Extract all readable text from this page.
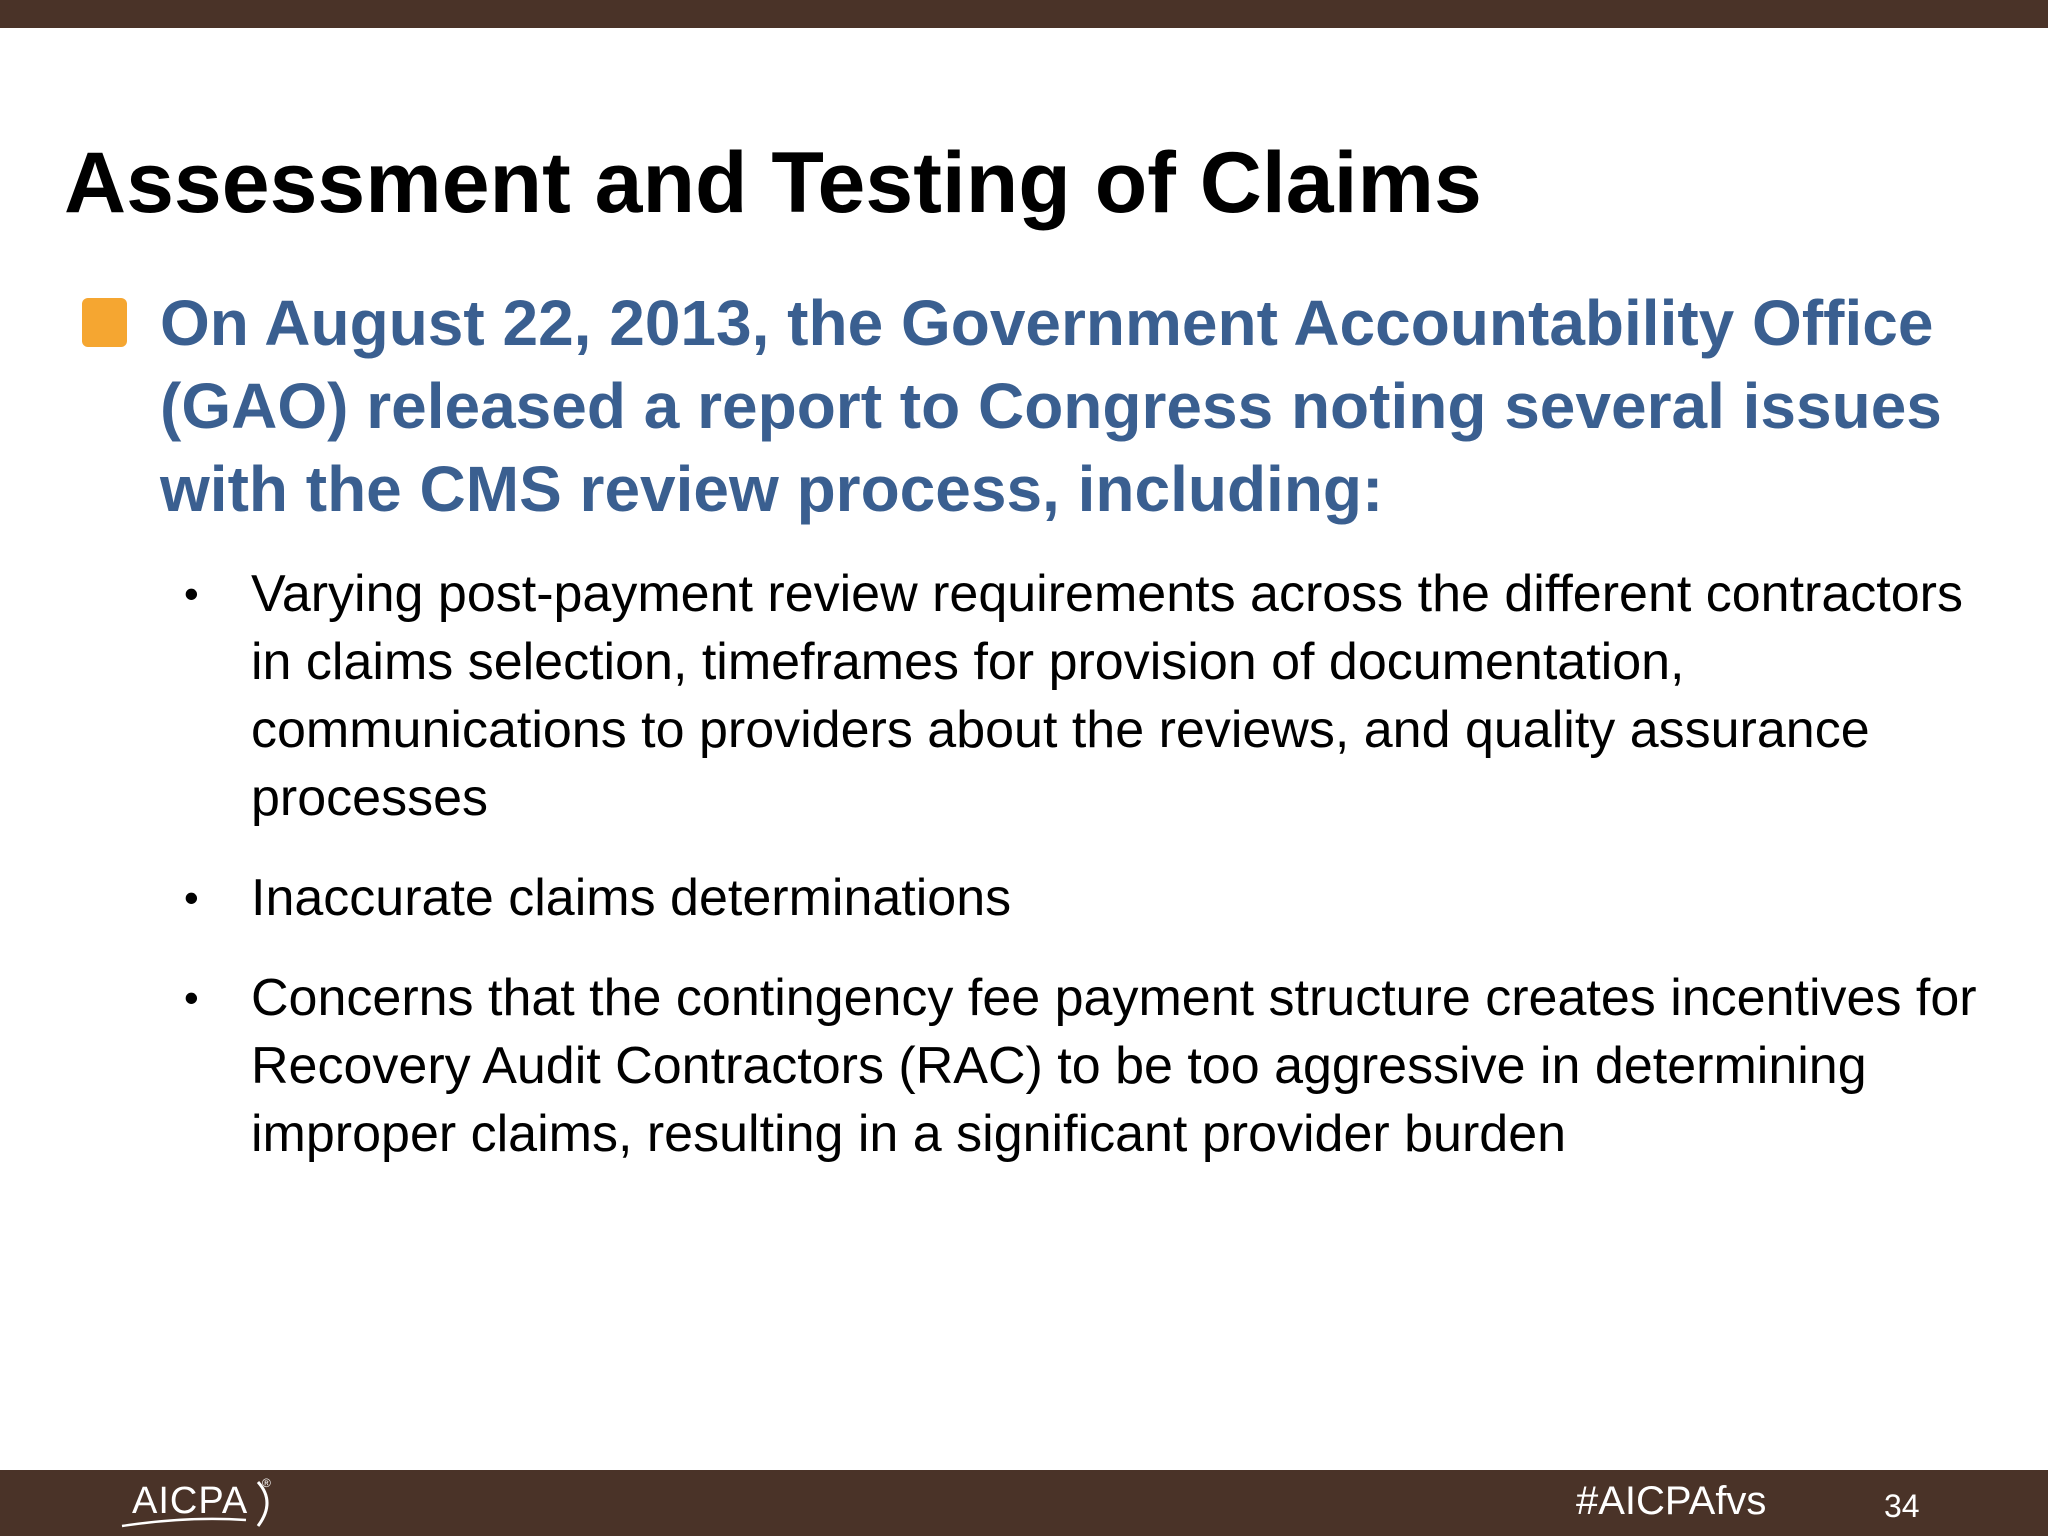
Assessment and Testing of Claims

On August 22, 2013, the Government Accountability Office (GAO) released a report to Congress noting several issues with the CMS review process, including:

• Varying post-payment review requirements across the different contractors in claims selection, timeframes for provision of documentation, communications to providers about the reviews, and quality assurance processes
• Inaccurate claims determinations
• Concerns that the contingency fee payment structure creates incentives for Recovery Audit Contractors (RAC) to be too aggressive in determining improper claims, resulting in a significant provider burden
AICPA ®	#AICPAfvs	34
